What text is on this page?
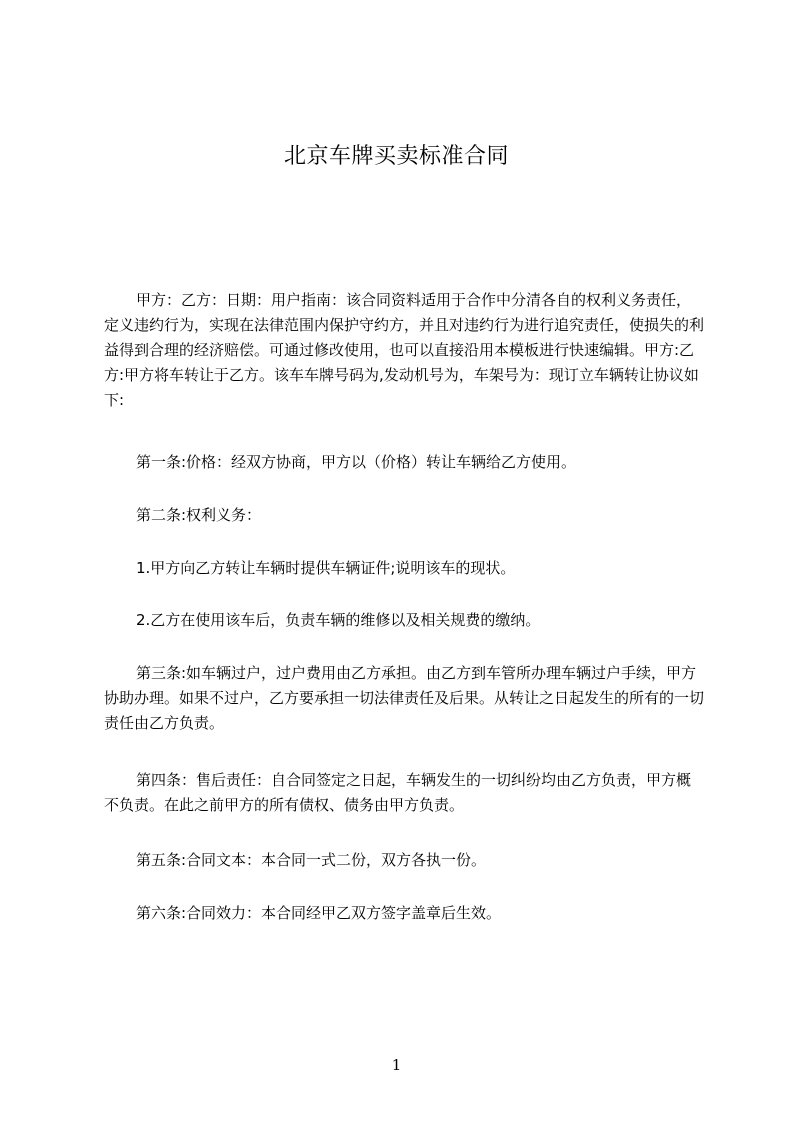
北京车牌买卖标准合同

甲方：乙方：日期：用户指南：该合同资料适用于合作中分清各自的权利义务责任，定义违约行为，实现在法律范围内保护守约方，并且对违约行为进行追究责任，使损失的利益得到合理的经济赔偿。可通过修改使用，也可以直接沿用本模板进行快速编辑。甲方:乙方:甲方将车转让于乙方。该车车牌号码为,发动机号为，车架号为：现订立车辆转让协议如下:

第一条:价格：经双方协商，甲方以（价格）转让车辆给乙方使用。

第二条:权利义务：

1.甲方向乙方转让车辆时提供车辆证件;说明该车的现状。

2.乙方在使用该车后，负责车辆的维修以及相关规费的缴纳。

第三条:如车辆过户，过户费用由乙方承担。由乙方到车管所办理车辆过户手续，甲方协助办理。如果不过户，乙方要承担一切法律责任及后果。从转让之日起发生的所有的一切责任由乙方负责。

第四条：售后责任：自合同签定之日起，车辆发生的一切纠纷均由乙方负责，甲方概不负责。在此之前甲方的所有债权、债务由甲方负责。

第五条:合同文本：本合同一式二份，双方各执一份。

第六条:合同效力：本合同经甲乙双方签字盖章后生效。

1
